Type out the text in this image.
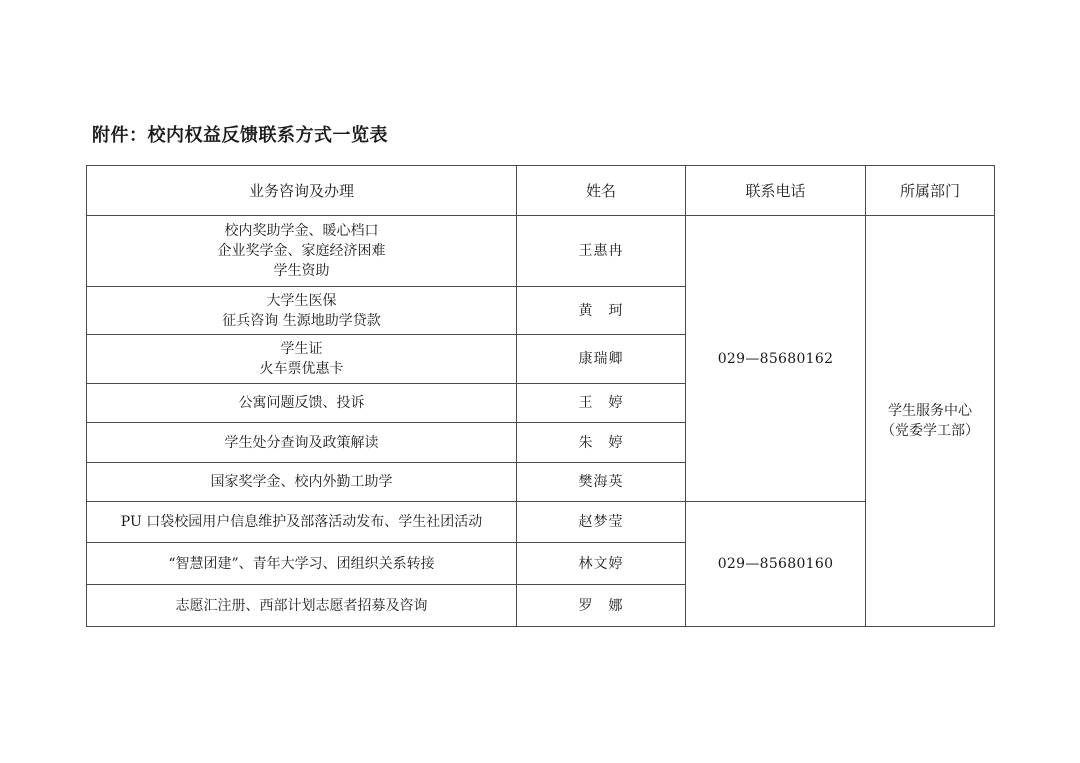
附件：校内权益反馈联系方式一览表
业务咨询及办理	姓名	联系电话	所属部门

校内奖助学金、暖心档口
企业奖学金、家庭经济困难
学生资助	王惠冉	029—85680162	学生服务中心
（党委学工部）

大学生医保
征兵咨询 生源地助学贷款	黄　珂		

学生证
火车票优惠卡	康瑞卿		

公寓问题反馈、投诉	王　婷		

学生处分查询及政策解读	朱　婷		

国家奖学金、校内外勤工助学	樊海英		

PU 口袋校园用户信息维护及部落活动发布、学生社团活动	赵梦莹	029—85680160	

“智慧团建”、青年大学习、团组织关系转接	林文婷		

志愿汇注册、西部计划志愿者招募及咨询	罗　娜		
